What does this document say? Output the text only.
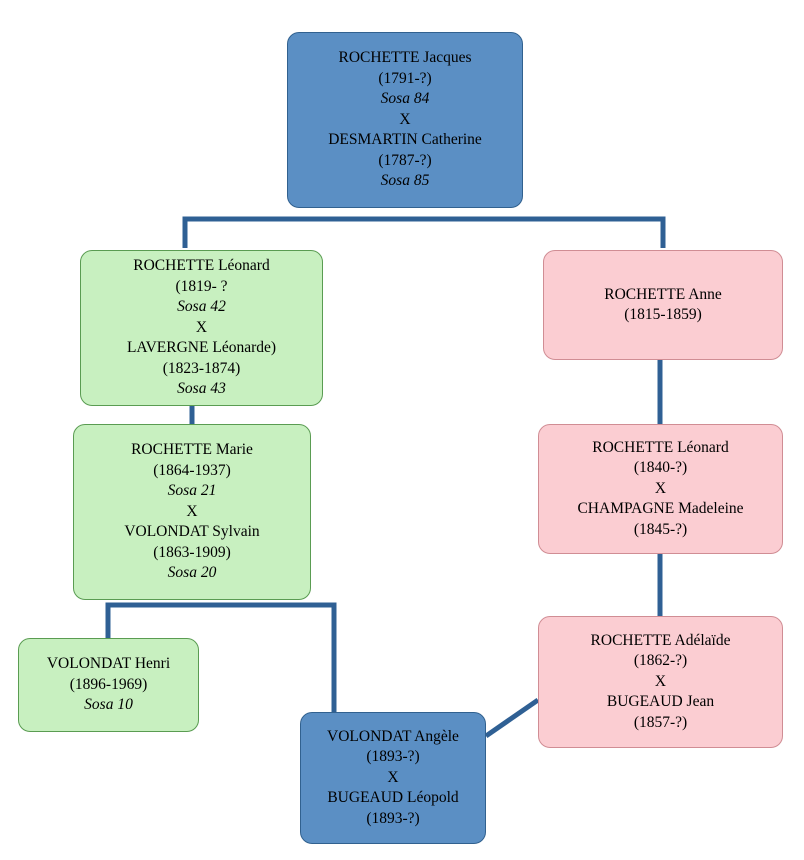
ROCHETTE Jacques
(1791-?)
Sosa 84
X
DESMARTIN Catherine
(1787-?)
Sosa 85
ROCHETTE Léonard
(1819- ?
Sosa 42
X
LAVERGNE Léonarde)
(1823-1874)
Sosa 43
ROCHETTE Anne
(1815-1859)
ROCHETTE Marie
(1864-1937)
Sosa 21
X
VOLONDAT Sylvain
(1863-1909)
Sosa 20
ROCHETTE Léonard
(1840-?)
X
CHAMPAGNE Madeleine
(1845-?)
ROCHETTE Adélaïde
(1862-?)
X
BUGEAUD Jean
(1857-?)
VOLONDAT Henri
(1896-1969)
Sosa 10
VOLONDAT Angèle
(1893-?)
X
BUGEAUD Léopold
(1893-?)
